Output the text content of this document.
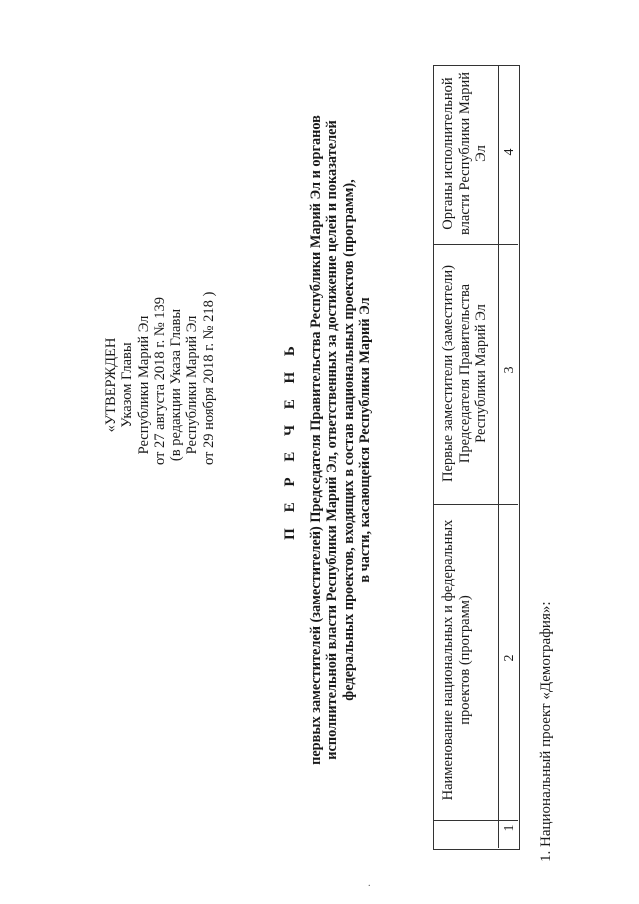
«УТВЕРЖДЕН Указом Главы Республики Марий Эл от 27 августа 2018 г. № 139 (в редакции Указа Главы Республики Марий Эл от 29 ноября 2018 г. № 218 )	П Е Р Е Ч Е Н Ь первых заместителей (заместителей) Председателя Правительства Республики Марий Эл и органов исполнительной власти Республики Марий Эл, ответственных за достижение целей и показателей федеральных проектов, входящих в состав национальных проектов (программ), в части, касающейся Республики Марий Эл
Наименование национальных и федеральных проектов (программ)
Первые заместители (заместители) Председателя Правительства Республики Марий Эл
Органы исполнительной власти Республики Марий Эл
1
2
3
4
1. Национальный проект «Демография»:
.
